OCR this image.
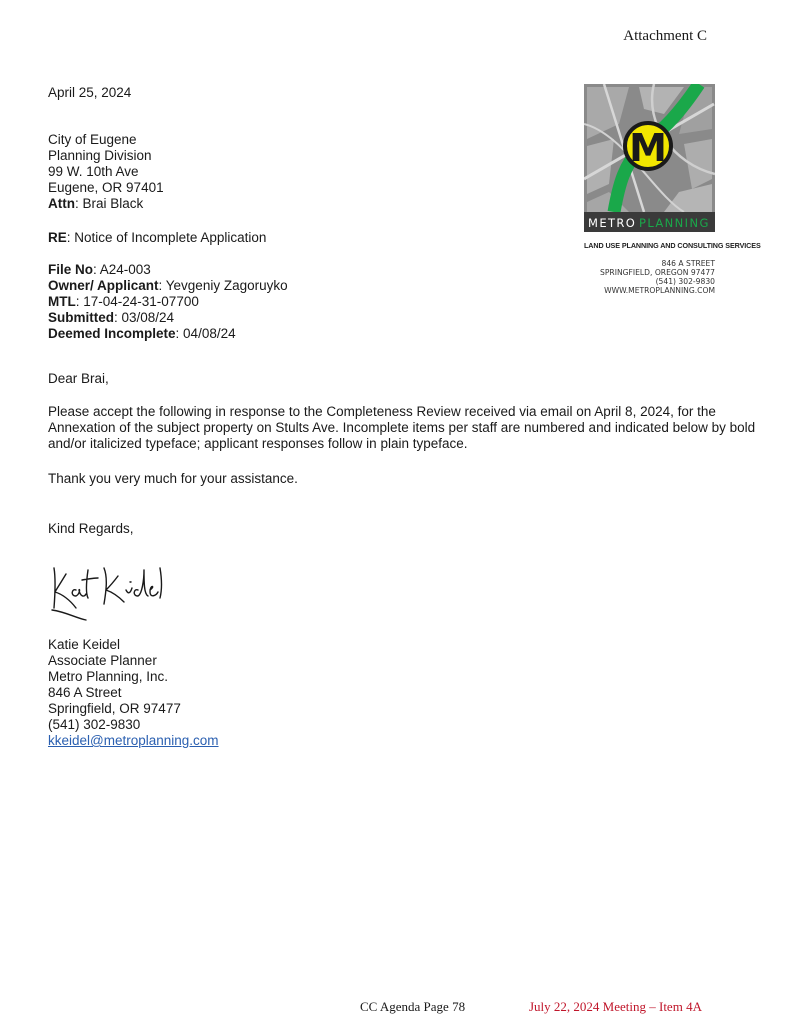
Attachment C
April 25, 2024
City of Eugene
Planning Division
99 W. 10th Ave
Eugene, OR 97401
Attn: Brai Black
RE: Notice of Incomplete Application
File No: A24-003
Owner/ Applicant: Yevgeniy Zagoruyko
MTL: 17-04-24-31-07700
Submitted: 03/08/24
Deemed Incomplete: 04/08/24
M
METRO PLANNING
LAND USE PLANNING AND CONSULTING SERVICES
846 A STREET
SPRINGFIELD, OREGON 97477
(541) 302-9830
WWW.METROPLANNING.COM
Dear Brai,
Please accept the following in response to the Completeness Review received via email on April 8, 2024, for the Annexation of the subject property on Stults Ave. Incomplete items per staff are numbered and indicated below by bold and/or italicized typeface; applicant responses follow in plain typeface.
Thank you very much for your assistance.
Kind Regards,
Katie Keidel
Associate Planner
Metro Planning, Inc.
846 A Street
Springfield, OR 97477
(541) 302-9830
kkeidel@metroplanning.com
CC Agenda Page 78	July 22, 2024 Meeting – Item 4A
